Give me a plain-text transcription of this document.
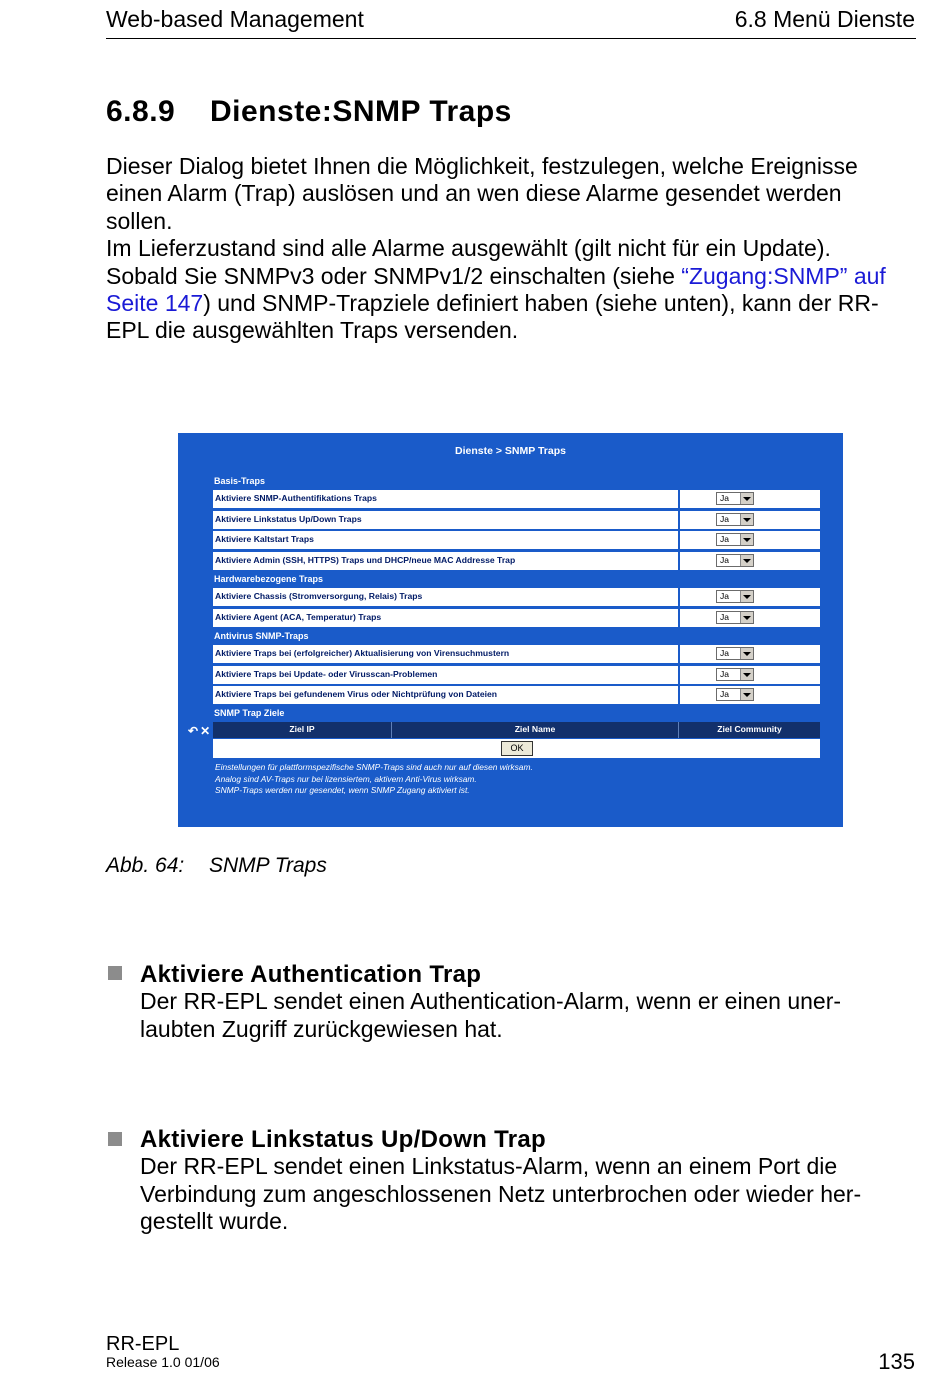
Web-based Management	6.8 Menü Dienste
6.8.9 Dienste:SNMP Traps

Dieser Dialog bietet Ihnen die Möglichkeit, festzulegen, welche Ereignisse

einen Alarm (Trap) auslösen und an wen diese Alarme gesendet werden

sollen.

Im Lieferzustand sind alle Alarme ausgewählt (gilt nicht für ein Update).

Sobald Sie SNMPv3 oder SNMPv1/2 einschalten (siehe “Zugang:SNMP” auf

Seite 147) und SNMP-Trapziele definiert haben (siehe unten), kann der RR-

EPL die ausgewählten Traps versenden.

Dienste > SNMP Traps
Basis-Traps
Aktiviere SNMP-Authentifikations Traps	Ja
Aktiviere Linkstatus Up/Down Traps	Ja
Aktiviere Kaltstart Traps	Ja
Aktiviere Admin (SSH, HTTPS) Traps und DHCP/neue MAC Addresse Trap	Ja
Hardwarebezogene Traps
Aktiviere Chassis (Stromversorgung, Relais) Traps	Ja
Aktiviere Agent (ACA, Temperatur) Traps	Ja
Antivirus SNMP-Traps
Aktiviere Traps bei (erfolgreicher) Aktualisierung von Virensuchmustern	Ja
Aktiviere Traps bei Update- oder Virusscan-Problemen	Ja
Aktiviere Traps bei gefundenem Virus oder Nichtprüfung von Dateien	Ja
SNMP Trap Ziele
↶ ✕	Ziel IP	Ziel Name	Ziel Community
OK
Einstellungen für plattformspezifische SNMP-Traps sind auch nur auf diesen wirksam.
Analog sind AV-Traps nur bei lizensiertem, aktivem Anti-Virus wirksam.
SNMP-Traps werden nur gesendet, wenn SNMP Zugang aktiviert ist.
Abb. 64: SNMP Traps
Aktiviere Authentication Trap
Der RR-EPL sendet einen Authentication-Alarm, wenn er einen uner-
laubten Zugriff zurückgewiesen hat.
Aktiviere Linkstatus Up/Down Trap
Der RR-EPL sendet einen Linkstatus-Alarm, wenn an einem Port die
Verbindung zum angeschlossenen Netz unterbrochen oder wieder her-
gestellt wurde.
RR-EPL
Release 1.0 01/06	135
